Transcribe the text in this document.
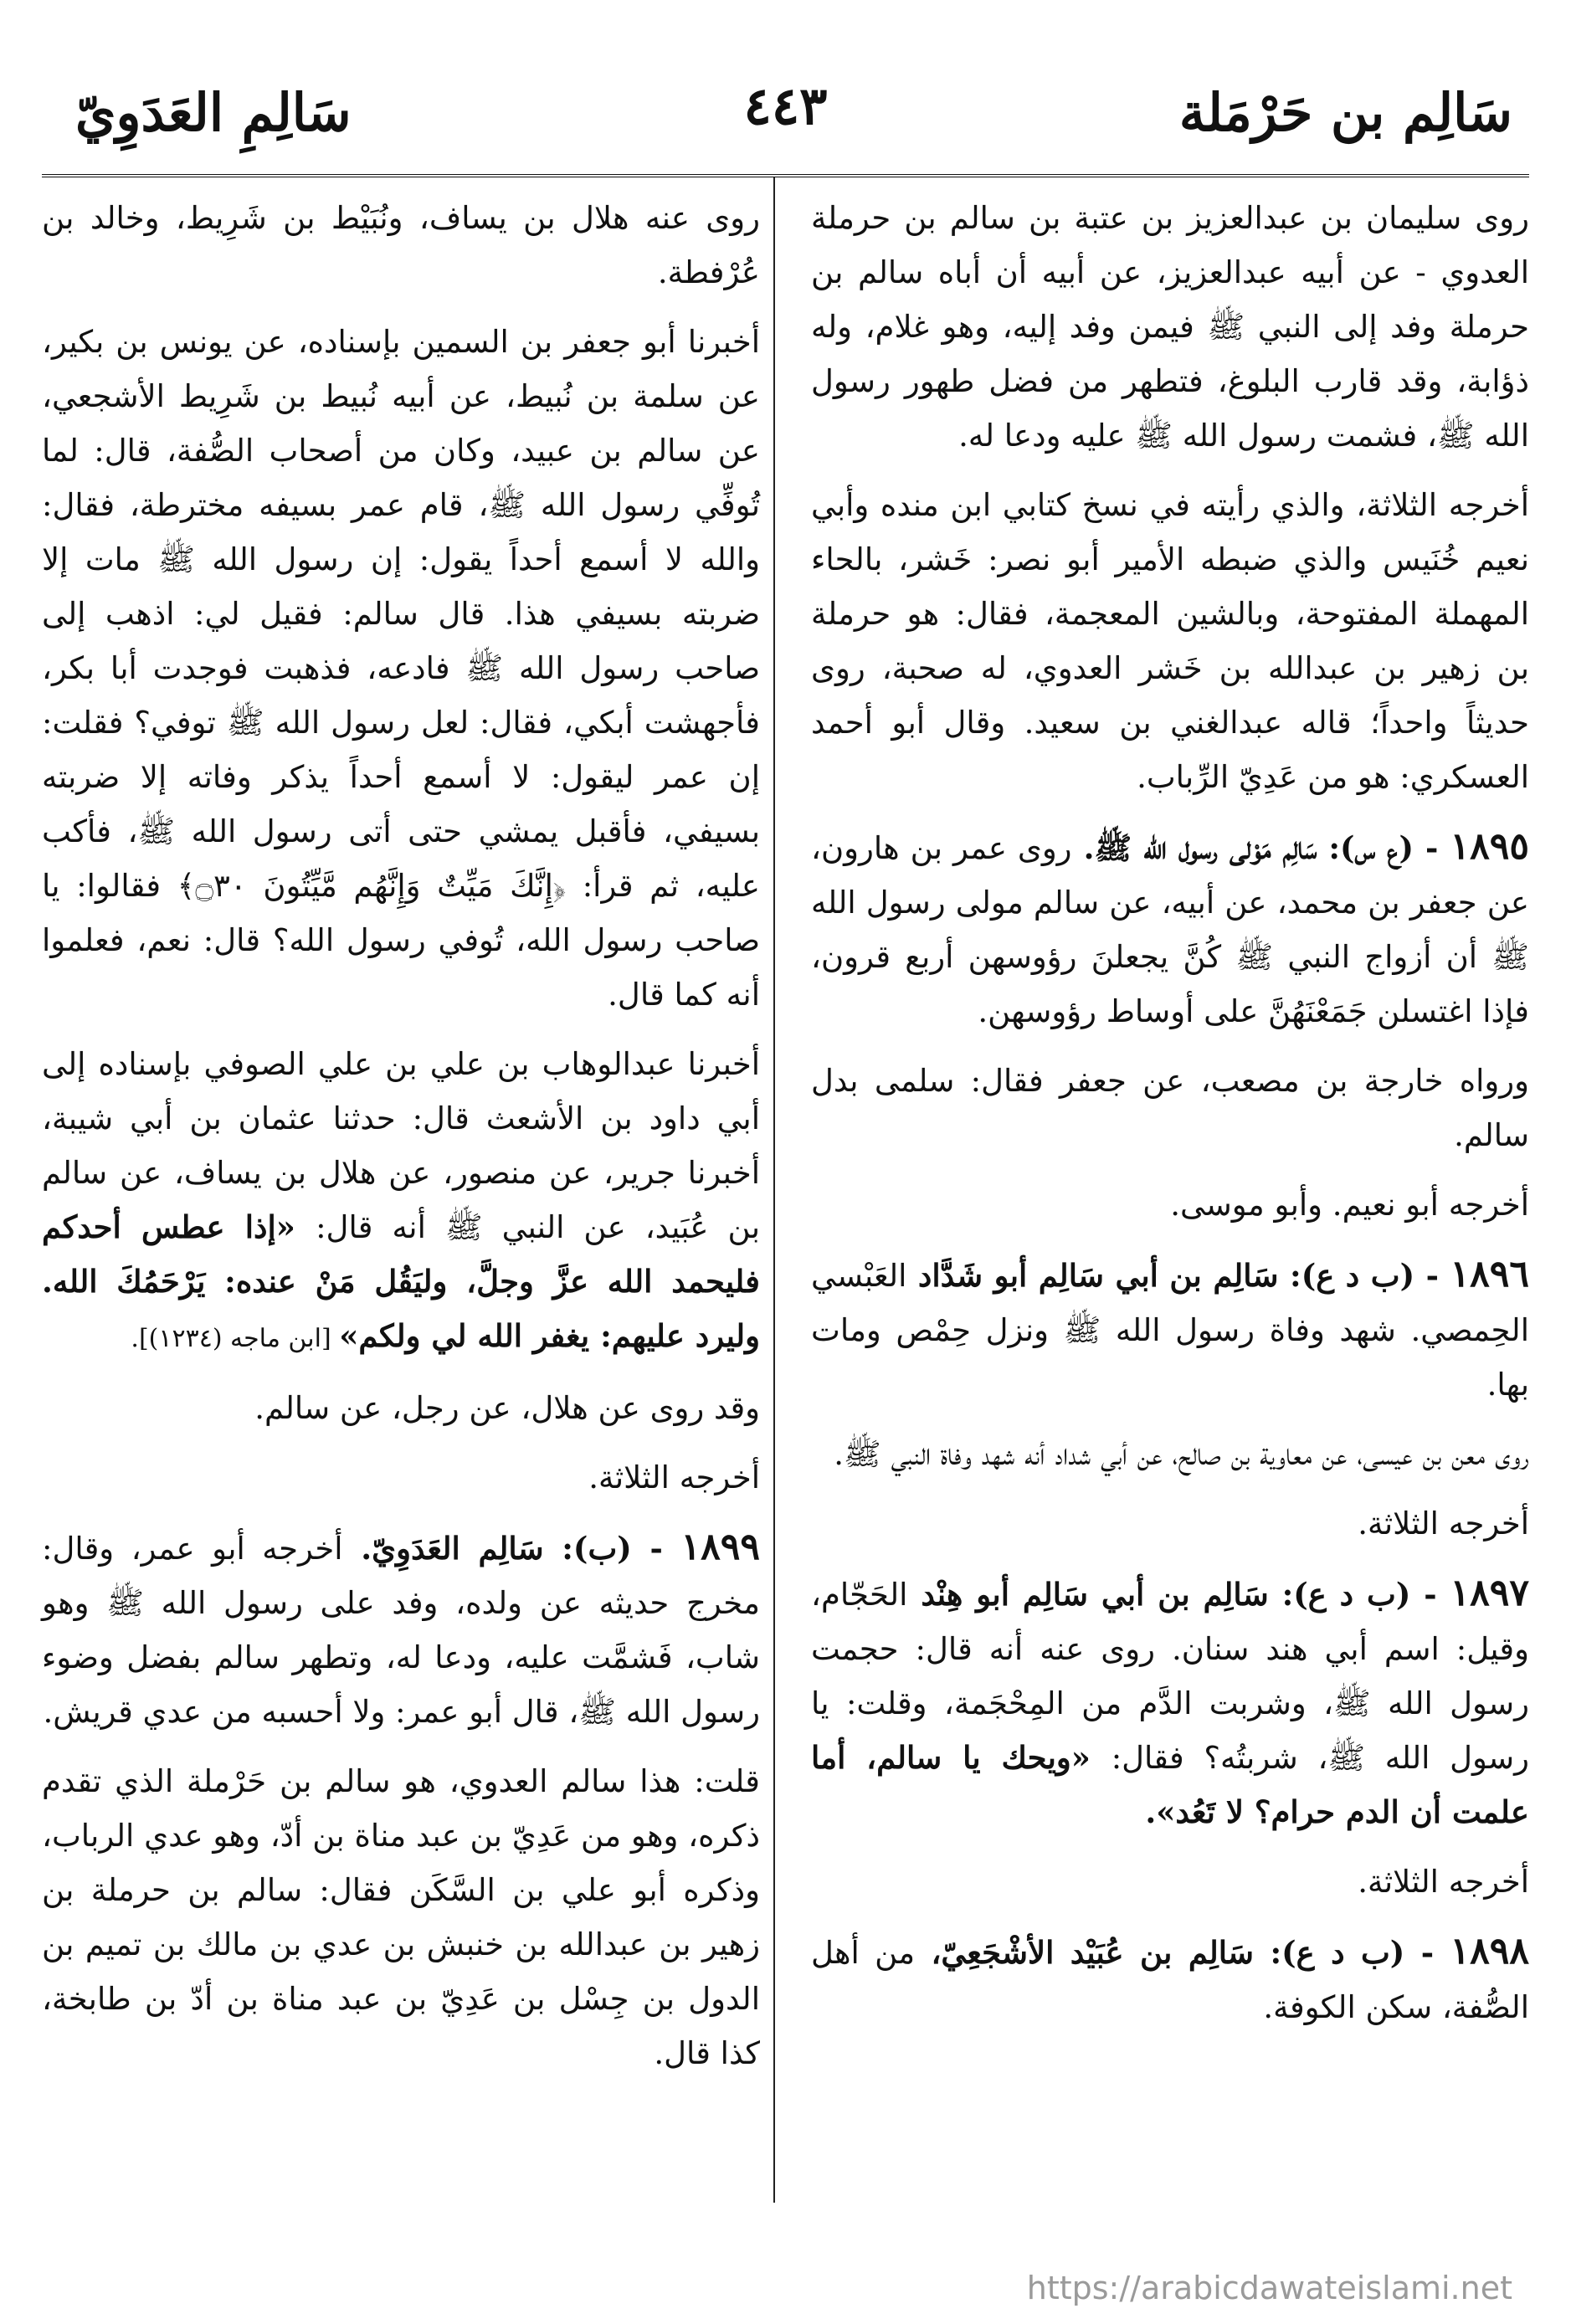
سَالِم بن حَرْمَلة
٤٤٣
سَالِمِ العَدَوِيّ

روى سليمان بن عبدالعزيز بن عتبة بن سالم بن حرملة العدوي - عن أبيه عبدالعزيز، عن أبيه أن أباه سالم بن حرملة وفد إلى النبي ﷺ فيمن وفد إليه، وهو غلام، وله ذؤابة، وقد قارب البلوغ، فتطهر من فضل طهور رسول الله ﷺ، فشمت رسول الله ﷺ عليه ودعا له.

أخرجه الثلاثة، والذي رأيته في نسخ كتابي ابن منده وأبي نعيم خُنَيس والذي ضبطه الأمير أبو نصر: خَشر، بالحاء المهملة المفتوحة، وبالشين المعجمة، فقال: هو حرملة بن زهير بن عبدالله بن خَشر العدوي، له صحبة، روى حديثاً واحداً؛ قاله عبدالغني بن سعيد. وقال أبو أحمد العسكري: هو من عَدِيّ الرِّباب.

١٨٩٥ - (ع س): سَالِم مَوْلى رسول الله ﷺ. روى عمر بن هارون، عن جعفر بن محمد، عن أبيه، عن سالم مولى رسول الله ﷺ أن أزواج النبي ﷺ كُنَّ يجعلنَ رؤوسهن أربع قرون، فإذا اغتسلن جَمَعْنَهُنَّ على أوساط رؤوسهن.

ورواه خارجة بن مصعب، عن جعفر فقال: سلمى بدل سالم.

أخرجه أبو نعيم. وأبو موسى.

١٨٩٦ - (ب د ع): سَالِم بن أبي سَالِم أبو شَدَّاد العَبْسي الحِمصي. شهد وفاة رسول الله ﷺ ونزل حِمْص ومات بها.

روى معن بن عيسى، عن معاوية بن صالح، عن أبي شداد أنه شهد وفاة النبي ﷺ.

أخرجه الثلاثة.

١٨٩٧ - (ب د ع): سَالِم بن أبي سَالِم أبو هِنْد الحَجّام، وقيل: اسم أبي هند سنان. روى عنه أنه قال: حجمت رسول الله ﷺ، وشربت الدَّم من المِحْجَمة، وقلت: يا رسول الله ﷺ، شربتُه؟ فقال: «ويحك يا سالم، أما علمت أن الدم حرام؟ لا تَعُد».

أخرجه الثلاثة.

١٨٩٨ - (ب د ع): سَالِم بن عُبَيْد الأشْجَعِيّ، من أهل الصُّفة، سكن الكوفة.

روى عنه هلال بن يساف، ونُبَيْط بن شَرِيط، وخالد بن عُرْفطة.

أخبرنا أبو جعفر بن السمين بإسناده، عن يونس بن بكير، عن سلمة بن نُبيط، عن أبيه نُبيط بن شَرِيط الأشجعي، عن سالم بن عبيد، وكان من أصحاب الصُّفة، قال: لما تُوفِّي رسول الله ﷺ، قام عمر بسيفه مخترطة، فقال: والله لا أسمع أحداً يقول: إن رسول الله ﷺ مات إلا ضربته بسيفي هذا. قال سالم: فقيل لي: اذهب إلى صاحب رسول الله ﷺ فادعه، فذهبت فوجدت أبا بكر، فأجهشت أبكي، فقال: لعل رسول الله ﷺ توفي؟ فقلت: إن عمر ليقول: لا أسمع أحداً يذكر وفاته إلا ضربته بسيفي، فأقبل يمشي حتى أتى رسول الله ﷺ، فأكب عليه، ثم قرأ: ﴿إِنَّكَ مَيِّتٌ وَإِنَّهُم مَّيِّتُونَ ۝٣٠﴾ فقالوا: يا صاحب رسول الله، تُوفي رسول الله؟ قال: نعم، فعلموا أنه كما قال.

أخبرنا عبدالوهاب بن علي بن علي الصوفي بإسناده إلى أبي داود بن الأشعث قال: حدثنا عثمان بن أبي شيبة، أخبرنا جرير، عن منصور، عن هلال بن يساف، عن سالم بن عُبَيد، عن النبي ﷺ أنه قال: «إذا عطس أحدكم فليحمد الله عزَّ وجلَّ، وليَقُل مَنْ عنده: يَرْحَمُكَ الله. وليرد عليهم: يغفر الله لي ولكم» [ابن ماجه (١٢٣٤)].

وقد روى عن هلال، عن رجل، عن سالم.

أخرجه الثلاثة.

١٨٩٩ - (ب): سَالِم العَدَوِيّ. أخرجه أبو عمر، وقال: مخرج حديثه عن ولده، وفد على رسول الله ﷺ وهو شاب، فَشمَّت عليه، ودعا له، وتطهر سالم بفضل وضوء رسول الله ﷺ، قال أبو عمر: ولا أحسبه من عدي قريش.

قلت: هذا سالم العدوي، هو سالم بن حَرْملة الذي تقدم ذكره، وهو من عَدِيّ بن عبد مناة بن أدّ، وهو عدي الرباب، وذكره أبو علي بن السَّكَن فقال: سالم بن حرملة بن زهير بن عبدالله بن خنبش بن عدي بن مالك بن تميم بن الدول بن جِسْل بن عَدِيّ بن عبد مناة بن أدّ بن طابخة، كذا قال.

https://arabicdawateislami.net
